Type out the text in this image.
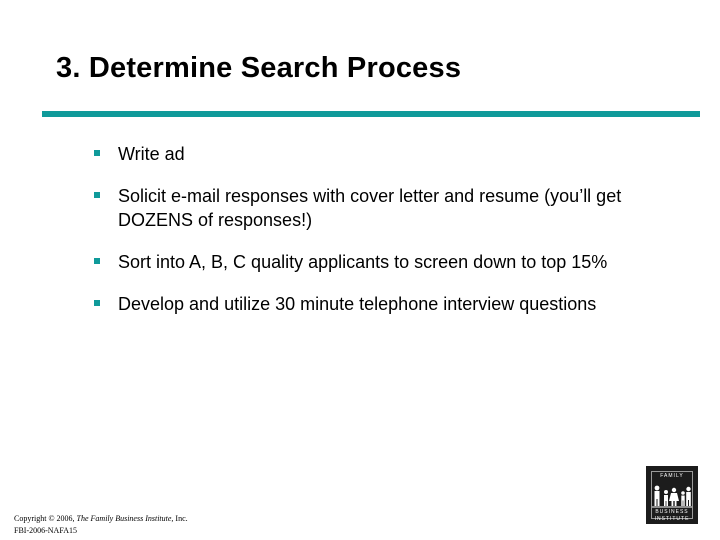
3. Determine Search Process
Write ad
Solicit e-mail responses with cover letter and resume (you’ll get DOZENS of responses!)
Sort into A, B, C quality applicants to screen down to top 15%
Develop and utilize 30 minute telephone interview questions
Copyright © 2006, The Family Business Institute, Inc.
FBI-2006-NAFA15
FAMILY
BUSINESS
INSTITUTE
